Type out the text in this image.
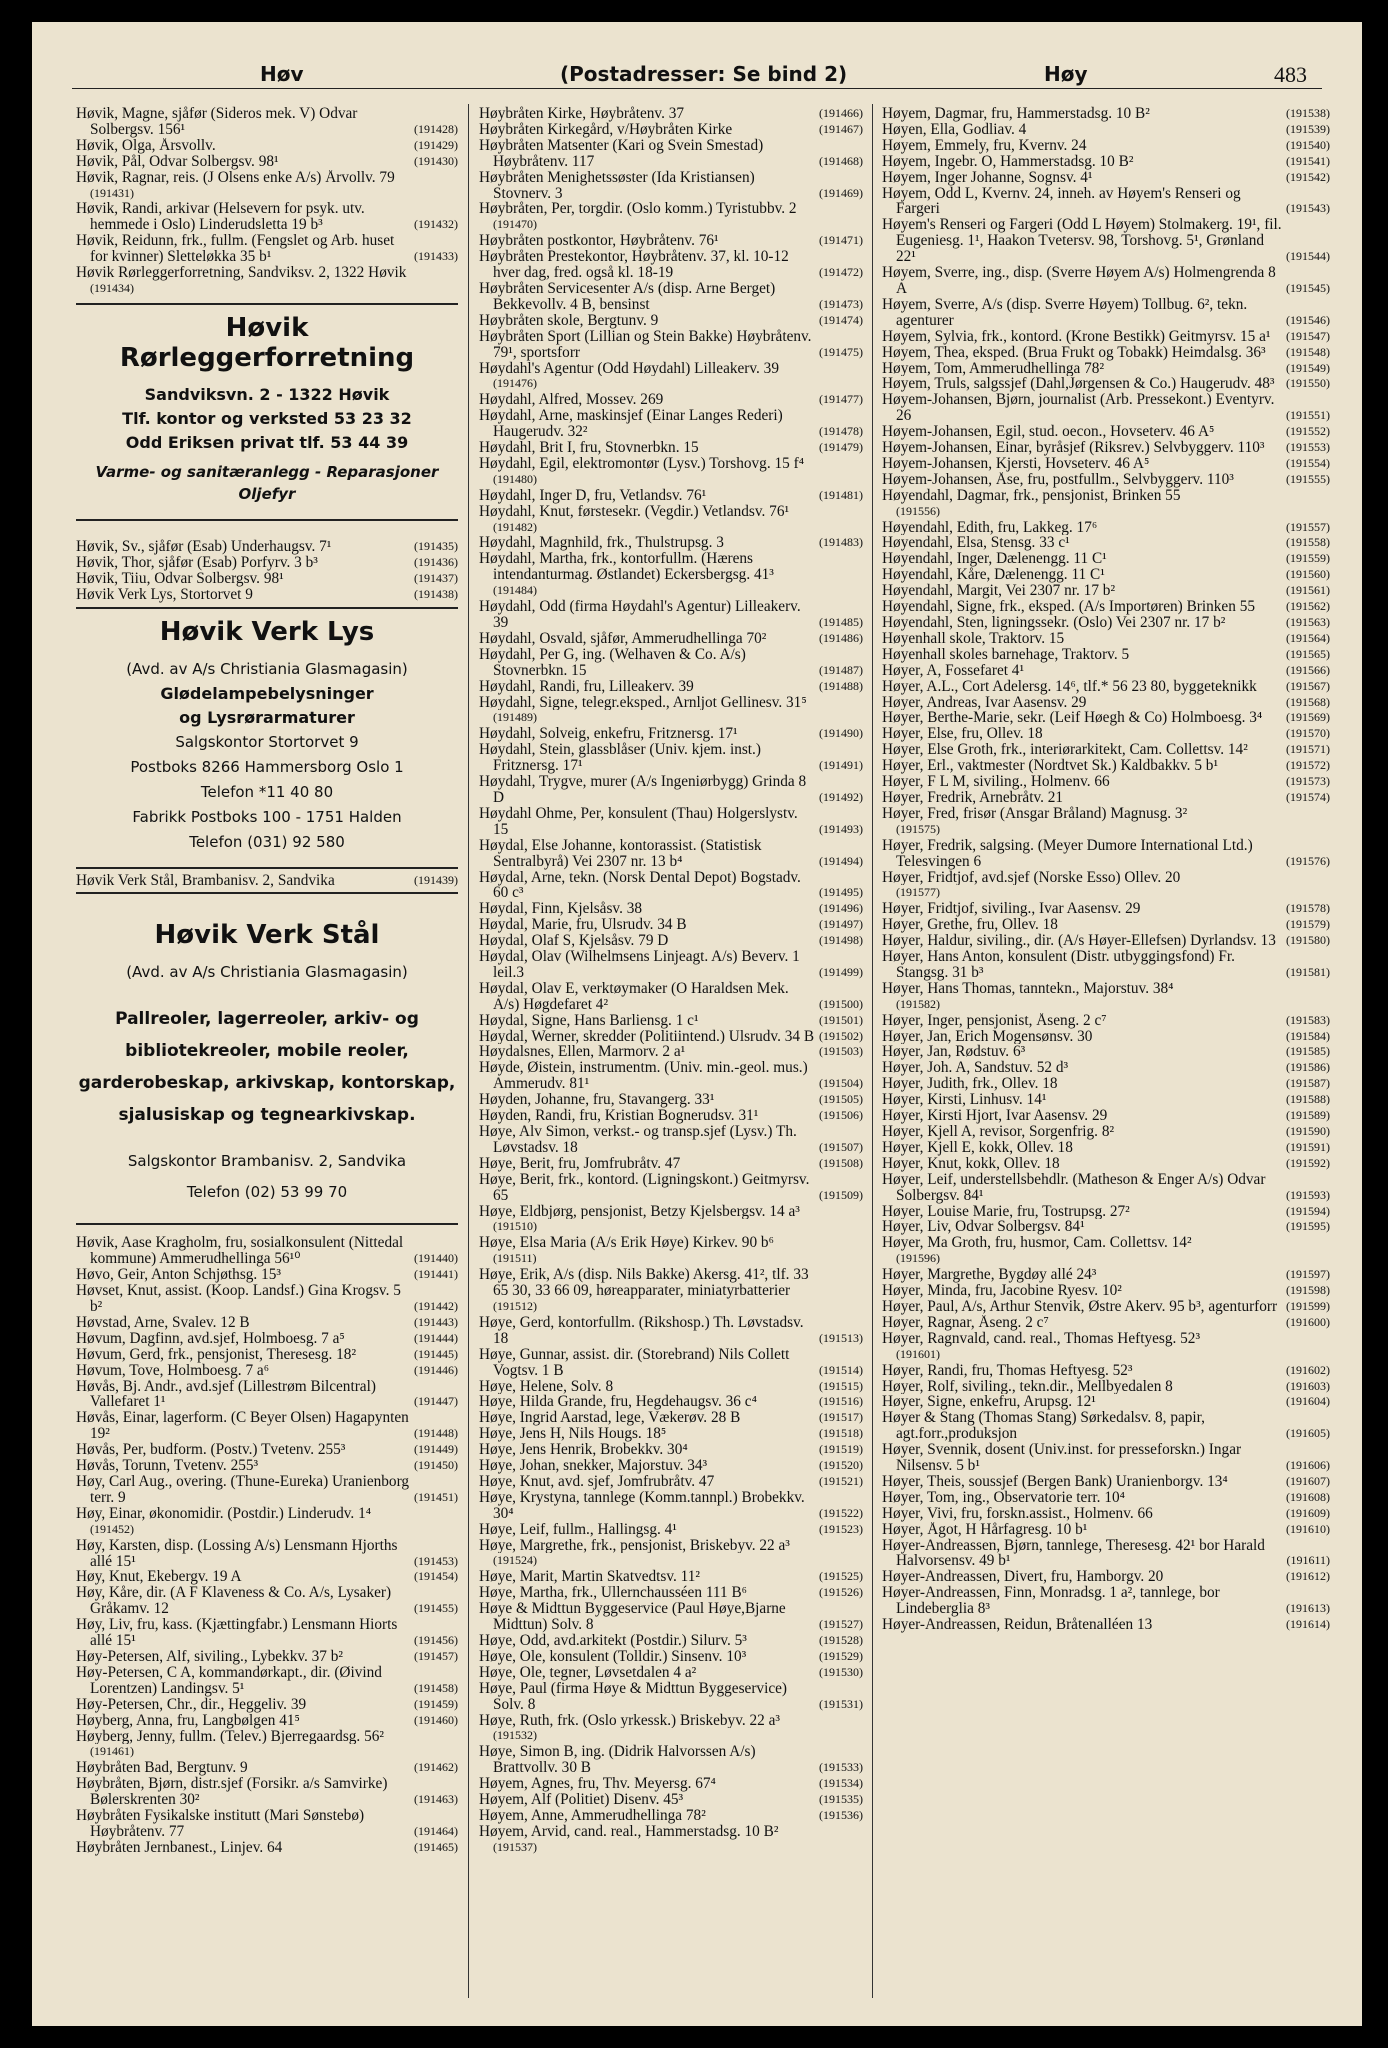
Høv	(Postadresser: Se bind 2)	Høy	483
Høvik, Magne, sjåfør (Sideros mek. V) Odvar Solbergsv. 156¹	(191428)
Høvik, Olga, Årsvollv.	(191429)
Høvik, Pål, Odvar Solbergsv. 98¹	(191430)
Høvik, Ragnar, reis. (J Olsens enke A/s) Årvollv. 79
(191431)
Høvik, Randi, arkivar (Helsevern for psyk. utv. hemmede i Oslo) Linderudsletta 19 b³	(191432)
Høvik, Reidunn, frk., fullm. (Fengslet og Arb. huset for kvinner) Sletteløkka 35 b¹	(191433)
Høvik Rørleggerforretning, Sandviksv. 2, 1322 Høvik
(191434)
Høvik Rørleggerforretning
Sandviksvn. 2 - 1322 Høvik
Tlf. kontor og verksted 53 23 32
Odd Eriksen privat tlf. 53 44 39
Varme- og sanitæranlegg - Reparasjoner
Oljefyr
Høvik, Sv., sjåfør (Esab) Underhaugsv. 7¹	(191435)
Høvik, Thor, sjåfør (Esab) Porfyrv. 3 b³	(191436)
Høvik, Tiiu, Odvar Solbergsv. 98¹	(191437)
Høvik Verk Lys, Stortorvet 9	(191438)
Høvik Verk Lys
(Avd. av A/s Christiania Glasmagasin)
Glødelampebelysninger
og Lysrørarmaturer
Salgskontor Stortorvet 9
Postboks 8266 Hammersborg Oslo 1
Telefon *11 40 80
Fabrikk Postboks 100 - 1751 Halden
Telefon (031) 92 580
Høvik Verk Stål, Brambanisv. 2, Sandvika	(191439)
Høvik Verk Stål
(Avd. av A/s Christiania Glasmagasin)
Pallreoler, lagerreoler, arkiv- og
bibliotekreoler, mobile reoler,
garderobeskap, arkivskap, kontorskap,
sjalusiskap og tegnearkivskap.
Salgskontor Brambanisv. 2, Sandvika
Telefon (02) 53 99 70
Høvik, Aase Kragholm, fru, sosialkonsulent (Nittedal kommune) Ammerudhellinga 56¹⁰	(191440)
Høvo, Geir, Anton Schjøthsg. 15³	(191441)
Høvset, Knut, assist. (Koop. Landsf.) Gina Krogsv. 5 b²	(191442)
Høvstad, Arne, Svalev. 12 B	(191443)
Høvum, Dagfinn, avd.sjef, Holmboesg. 7 a⁵	(191444)
Høvum, Gerd, frk., pensjonist, Theresesg. 18²	(191445)
Høvum, Tove, Holmboesg. 7 a⁶	(191446)
Høvås, Bj. Andr., avd.sjef (Lillestrøm Bilcentral) Vallefaret 1¹	(191447)
Høvås, Einar, lagerform. (C Beyer Olsen) Hagapynten 19²	(191448)
Høvås, Per, budform. (Postv.) Tvetenv. 255³	(191449)
Høvås, Torunn, Tvetenv. 255³	(191450)
Høy, Carl Aug., overing. (Thune-Eureka) Uranienborg terr. 9	(191451)
Høy, Einar, økonomidir. (Postdir.) Linderudv. 1⁴
(191452)
Høy, Karsten, disp. (Lossing A/s) Lensmann Hjorths allé 15¹	(191453)
Høy, Knut, Ekebergv. 19 A	(191454)
Høy, Kåre, dir. (A F Klaveness & Co. A/s, Lysaker) Gråkamv. 12	(191455)
Høy, Liv, fru, kass. (Kjættingfabr.) Lensmann Hiorts allé 15¹	(191456)
Høy-Petersen, Alf, siviling., Lybekkv. 37 b²	(191457)
Høy-Petersen, C A, kommandørkapt., dir. (Øivind Lorentzen) Landingsv. 5¹	(191458)
Høy-Petersen, Chr., dir., Heggeliv. 39	(191459)
Høyberg, Anna, fru, Langbølgen 41⁵	(191460)
Høyberg, Jenny, fullm. (Telev.) Bjerregaardsg. 56²
(191461)
Høybråten Bad, Bergtunv. 9	(191462)
Høybråten, Bjørn, distr.sjef (Forsikr. a/s Samvirke) Bølerskrenten 30²	(191463)
Høybråten Fysikalske institutt (Mari Sønstebø) Høybråtenv. 77	(191464)
Høybråten Jernbanest., Linjev. 64	(191465)
Høybråten Kirke, Høybråtenv. 37	(191466)
Høybråten Kirkegård, v/Høybråten Kirke	(191467)
Høybråten Matsenter (Kari og Svein Smestad) Høybråtenv. 117	(191468)
Høybråten Menighetssøster (Ida Kristiansen) Stovnerv. 3	(191469)
Høybråten, Per, torgdir. (Oslo komm.) Tyristubbv. 2
(191470)
Høybråten postkontor, Høybråtenv. 76¹	(191471)
Høybråten Prestekontor, Høybråtenv. 37, kl. 10-12 hver dag, fred. også kl. 18-19	(191472)
Høybråten Servicesenter A/s (disp. Arne Berget) Bekkevollv. 4 B, bensinst	(191473)
Høybråten skole, Bergtunv. 9	(191474)
Høybråten Sport (Lillian og Stein Bakke) Høybråtenv. 79¹, sportsforr	(191475)
Høydahl's Agentur (Odd Høydahl) Lilleakerv. 39
(191476)
Høydahl, Alfred, Mossev. 269	(191477)
Høydahl, Arne, maskinsjef (Einar Langes Rederi) Haugerudv. 32²	(191478)
Høydahl, Brit I, fru, Stovnerbkn. 15	(191479)
Høydahl, Egil, elektromontør (Lysv.) Torshovg. 15 f⁴
(191480)
Høydahl, Inger D, fru, Vetlandsv. 76¹	(191481)
Høydahl, Knut, førstesekr. (Vegdir.) Vetlandsv. 76¹
(191482)
Høydahl, Magnhild, frk., Thulstrupsg. 3	(191483)
Høydahl, Martha, frk., kontorfullm. (Hærens intendanturmag. Østlandet) Eckersbergsg. 41³
(191484)
Høydahl, Odd (firma Høydahl's Agentur) Lilleakerv. 39	(191485)
Høydahl, Osvald, sjåfør, Ammerudhellinga 70²	(191486)
Høydahl, Per G, ing. (Welhaven & Co. A/s) Stovnerbkn. 15	(191487)
Høydahl, Randi, fru, Lilleakerv. 39	(191488)
Høydahl, Signe, telegr.eksped., Arnljot Gellinesv. 31⁵
(191489)
Høydahl, Solveig, enkefru, Fritznersg. 17¹	(191490)
Høydahl, Stein, glassblåser (Univ. kjem. inst.) Fritznersg. 17¹	(191491)
Høydahl, Trygve, murer (A/s Ingeniørbygg) Grinda 8 D	(191492)
Høydahl Ohme, Per, konsulent (Thau) Holgerslystv. 15	(191493)
Høydal, Else Johanne, kontorassist. (Statistisk Sentralbyrå) Vei 2307 nr. 13 b⁴	(191494)
Høydal, Arne, tekn. (Norsk Dental Depot) Bogstadv. 60 c³	(191495)
Høydal, Finn, Kjelsåsv. 38	(191496)
Høydal, Marie, fru, Ulsrudv. 34 B	(191497)
Høydal, Olaf S, Kjelsåsv. 79 D	(191498)
Høydal, Olav (Wilhelmsens Linjeagt. A/s) Beverv. 1 leil.3	(191499)
Høydal, Olav E, verktøymaker (O Haraldsen Mek. A/s) Høgdefaret 4²	(191500)
Høydal, Signe, Hans Barliensg. 1 c¹	(191501)
Høydal, Werner, skredder (Politiintend.) Ulsrudv. 34 B (191502)
Høydalsnes, Ellen, Marmorv. 2 a¹	(191503)
Høyde, Øistein, instrumentm. (Univ. min.-geol. mus.) Ammerudv. 81¹	(191504)
Høyden, Johanne, fru, Stavangerg. 33¹	(191505)
Høyden, Randi, fru, Kristian Bognerudsv. 31¹	(191506)
Høye, Alv Simon, verkst.- og transp.sjef (Lysv.) Th. Løvstadsv. 18	(191507)
Høye, Berit, fru, Jomfrubråtv. 47	(191508)
Høye, Berit, frk., kontord. (Ligningskont.) Geitmyrsv. 65	(191509)
Høye, Eldbjørg, pensjonist, Betzy Kjelsbergsv. 14 a³
(191510)
Høye, Elsa Maria (A/s Erik Høye) Kirkev. 90 b⁶
(191511)
Høye, Erik, A/s (disp. Nils Bakke) Akersg. 41², tlf. 33 65 30, 33 66 09, høreapparater, miniatyrbatterier
(191512)
Høye, Gerd, kontorfullm. (Rikshosp.) Th. Løvstadsv. 18	(191513)
Høye, Gunnar, assist. dir. (Storebrand) Nils Collett Vogtsv. 1 B	(191514)
Høye, Helene, Solv. 8	(191515)
Høye, Hilda Grande, fru, Hegdehaugsv. 36 c⁴	(191516)
Høye, Ingrid Aarstad, lege, Vækerøv. 28 B	(191517)
Høye, Jens H, Nils Hougs. 18⁵	(191518)
Høye, Jens Henrik, Brobekkv. 30⁴	(191519)
Høye, Johan, snekker, Majorstuv. 34³	(191520)
Høye, Knut, avd. sjef, Jomfrubråtv. 47	(191521)
Høye, Krystyna, tannlege (Komm.tannpl.) Brobekkv. 30⁴	(191522)
Høye, Leif, fullm., Hallingsg. 4¹	(191523)
Høye, Margrethe, frk., pensjonist, Briskebyv. 22 a³
(191524)
Høye, Marit, Martin Skatvedtsv. 11²	(191525)
Høye, Martha, frk., Ullernchausséen 111 B⁶	(191526)
Høye & Midttun Byggeservice (Paul Høye,Bjarne Midttun) Solv. 8	(191527)
Høye, Odd, avd.arkitekt (Postdir.) Silurv. 5³	(191528)
Høye, Ole, konsulent (Tolldir.) Sinsenv. 10³	(191529)
Høye, Ole, tegner, Løvsetdalen 4 a²	(191530)
Høye, Paul (firma Høye & Midttun Byggeservice) Solv. 8	(191531)
Høye, Ruth, frk. (Oslo yrkessk.) Briskebyv. 22 a³
(191532)
Høye, Simon B, ing. (Didrik Halvorssen A/s) Brattvollv. 30 B	(191533)
Høyem, Agnes, fru, Thv. Meyersg. 67⁴	(191534)
Høyem, Alf (Politiet) Disenv. 45³	(191535)
Høyem, Anne, Ammerudhellinga 78²	(191536)
Høyem, Arvid, cand. real., Hammerstadsg. 10 B²
(191537)
Høyem, Dagmar, fru, Hammerstadsg. 10 B²	(191538)
Høyen, Ella, Godliav. 4	(191539)
Høyem, Emmely, fru, Kvernv. 24	(191540)
Høyem, Ingebr. O, Hammerstadsg. 10 B²	(191541)
Høyem, Inger Johanne, Sognsv. 4¹	(191542)
Høyem, Odd L, Kvernv. 24, inneh. av Høyem's Renseri og Fargeri	(191543)
Høyem's Renseri og Fargeri (Odd L Høyem) Stolmakerg. 19¹, fil. Eugeniesg. 1¹, Haakon Tvetersv. 98, Torshovg. 5¹, Grønland 22¹	(191544)
Høyem, Sverre, ing., disp. (Sverre Høyem A/s) Holmengrenda 8 A	(191545)
Høyem, Sverre, A/s (disp. Sverre Høyem) Tollbug. 6², tekn. agenturer	(191546)
Høyem, Sylvia, frk., kontord. (Krone Bestikk) Geitmyrsv. 15 a¹	(191547)
Høyem, Thea, eksped. (Brua Frukt og Tobakk) Heimdalsg. 36³	(191548)
Høyem, Tom, Ammerudhellinga 78²	(191549)
Høyem, Truls, salgssjef (Dahl,Jørgensen & Co.) Haugerudv. 48³ (191550)
Høyem-Johansen, Bjørn, journalist (Arb. Pressekont.) Eventyrv. 26	(191551)
Høyem-Johansen, Egil, stud. oecon., Hovseterv. 46 A⁵	(191552)
Høyem-Johansen, Einar, byråsjef (Riksrev.) Selvbyggerv. 110³	(191553)
Høyem-Johansen, Kjersti, Hovseterv. 46 A⁵	(191554)
Høyem-Johansen, Åse, fru, postfullm., Selvbyggerv. 110³	(191555)
Høyendahl, Dagmar, frk., pensjonist, Brinken 55
(191556)
Høyendahl, Edith, fru, Lakkeg. 17⁶	(191557)
Høyendahl, Elsa, Stensg. 33 c¹	(191558)
Høyendahl, Inger, Dælenengg. 11 C¹	(191559)
Høyendahl, Kåre, Dælenengg. 11 C¹	(191560)
Høyendahl, Margit, Vei 2307 nr. 17 b²	(191561)
Høyendahl, Signe, frk., eksped. (A/s Importøren) Brinken 55	(191562)
Høyendahl, Sten, ligningssekr. (Oslo) Vei 2307 nr. 17 b²	(191563)
Høyenhall skole, Traktorv. 15	(191564)
Høyenhall skoles barnehage, Traktorv. 5	(191565)
Høyer, A, Fossefaret 4¹	(191566)
Høyer, A.L., Cort Adelersg. 14⁶, tlf.* 56 23 80, byggeteknikk	(191567)
Høyer, Andreas, Ivar Aasensv. 29	(191568)
Høyer, Berthe-Marie, sekr. (Leif Høegh & Co) Holmboesg. 3⁴	(191569)
Høyer, Else, fru, Ollev. 18	(191570)
Høyer, Else Groth, frk., interiørarkitekt, Cam. Collettsv. 14²	(191571)
Høyer, Erl., vaktmester (Nordtvet Sk.) Kaldbakkv. 5 b¹	(191572)
Høyer, F L M, siviling., Holmenv. 66	(191573)
Høyer, Fredrik, Arnebråtv. 21	(191574)
Høyer, Fred, frisør (Ansgar Bråland) Magnusg. 3²
(191575)
Høyer, Fredrik, salgsing. (Meyer Dumore International Ltd.) Telesvingen 6	(191576)
Høyer, Fridtjof, avd.sjef (Norske Esso) Ollev. 20
(191577)
Høyer, Fridtjof, siviling., Ivar Aasensv. 29	(191578)
Høyer, Grethe, fru, Ollev. 18	(191579)
Høyer, Haldur, siviling., dir. (A/s Høyer-Ellefsen) Dyrlandsv. 13 (191580)
Høyer, Hans Anton, konsulent (Distr. utbyggingsfond) Fr. Stangsg. 31 b³	(191581)
Høyer, Hans Thomas, tanntekn., Majorstuv. 38⁴
(191582)
Høyer, Inger, pensjonist, Åseng. 2 c⁷	(191583)
Høyer, Jan, Erich Mogensønsv. 30	(191584)
Høyer, Jan, Rødstuv. 6³	(191585)
Høyer, Joh. A, Sandstuv. 52 d³	(191586)
Høyer, Judith, frk., Ollev. 18	(191587)
Høyer, Kirsti, Linhusv. 14¹	(191588)
Høyer, Kirsti Hjort, Ivar Aasensv. 29	(191589)
Høyer, Kjell A, revisor, Sorgenfrig. 8²	(191590)
Høyer, Kjell E, kokk, Ollev. 18	(191591)
Høyer, Knut, kokk, Ollev. 18	(191592)
Høyer, Leif, understellsbehdlr. (Matheson & Enger A/s) Odvar Solbergsv. 84¹	(191593)
Høyer, Louise Marie, fru, Tostrupsg. 27²	(191594)
Høyer, Liv, Odvar Solbergsv. 84¹	(191595)
Høyer, Ma Groth, fru, husmor, Cam. Collettsv. 14²
(191596)
Høyer, Margrethe, Bygdøy allé 24³	(191597)
Høyer, Minda, fru, Jacobine Ryesv. 10²	(191598)
Høyer, Paul, A/s, Arthur Stenvik, Østre Akerv. 95 b³, agenturforr (191599)
Høyer, Ragnar, Åseng. 2 c⁷	(191600)
Høyer, Ragnvald, cand. real., Thomas Heftyesg. 52³
(191601)
Høyer, Randi, fru, Thomas Heftyesg. 52³	(191602)
Høyer, Rolf, siviling., tekn.dir., Mellbyedalen 8	(191603)
Høyer, Signe, enkefru, Arupsg. 12¹	(191604)
Høyer & Stang (Thomas Stang) Sørkedalsv. 8, papir, agt.forr.,produksjon	(191605)
Høyer, Svennik, dosent (Univ.inst. for presseforskn.) Ingar Nilsensv. 5 b¹	(191606)
Høyer, Theis, soussjef (Bergen Bank) Uranienborgv. 13⁴	(191607)
Høyer, Tom, ing., Observatorie terr. 10⁴	(191608)
Høyer, Vivi, fru, forskn.assist., Holmenv. 66	(191609)
Høyer, Ågot, H Hårfagresg. 10 b¹	(191610)
Høyer-Andreassen, Bjørn, tannlege, Theresesg. 42¹ bor Harald Halvorsensv. 49 b¹	(191611)
Høyer-Andreassen, Divert, fru, Hamborgv. 20	(191612)
Høyer-Andreassen, Finn, Monradsg. 1 a², tannlege, bor Lindebergliа 8³	(191613)
Høyer-Andreassen, Reidun, Bråtenalléen 13	(191614)
